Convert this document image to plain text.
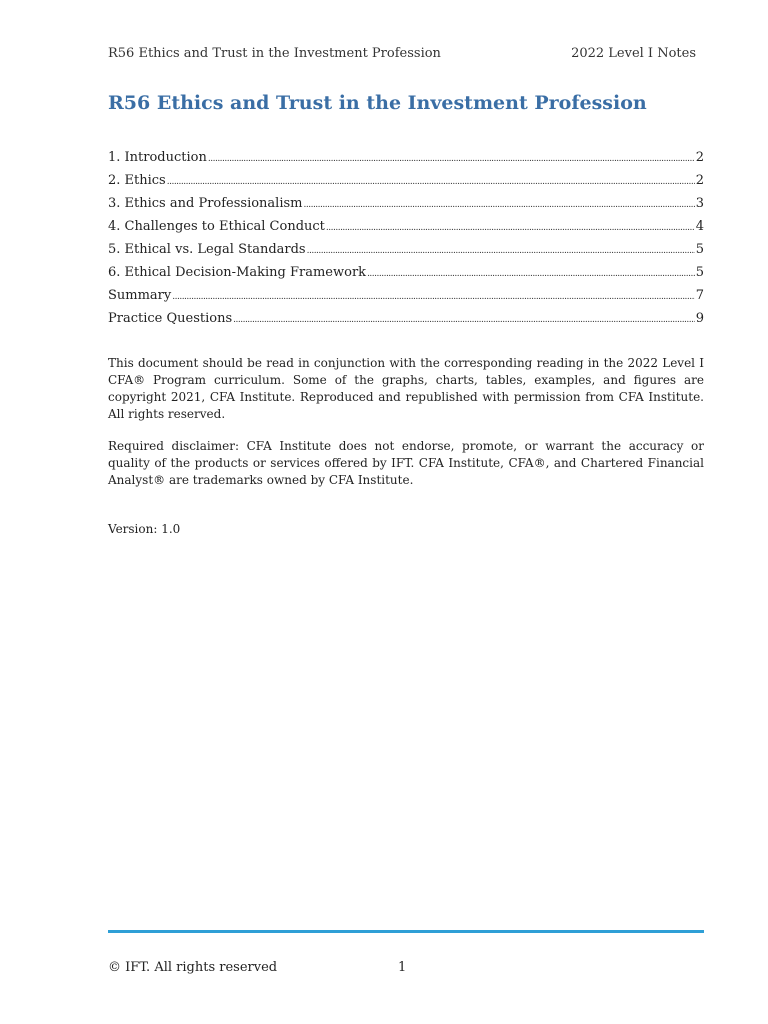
R56 Ethics and Trust in the Investment Profession	2022 Level I Notes
R56 Ethics and Trust in the Investment Profession
1. Introduction .....	2
2. Ethics .....	2
3. Ethics and Professionalism .....	3
4. Challenges to Ethical Conduct .....	4
5. Ethical vs. Legal Standards .....	5
6. Ethical Decision-Making Framework .....	5
Summary .....	7
Practice Questions .....	9

This document should be read in conjunction with the corresponding reading in the 2022 Level I CFA® Program curriculum. Some of the graphs, charts, tables, examples, and figures are copyright 2021, CFA Institute. Reproduced and republished with permission from CFA Institute. All rights reserved.

Required disclaimer: CFA Institute does not endorse, promote, or warrant the accuracy or quality of the products or services offered by IFT. CFA Institute, CFA®, and Chartered Financial Analyst® are trademarks owned by CFA Institute.

Version: 1.0

© IFT. All rights reserved	1
